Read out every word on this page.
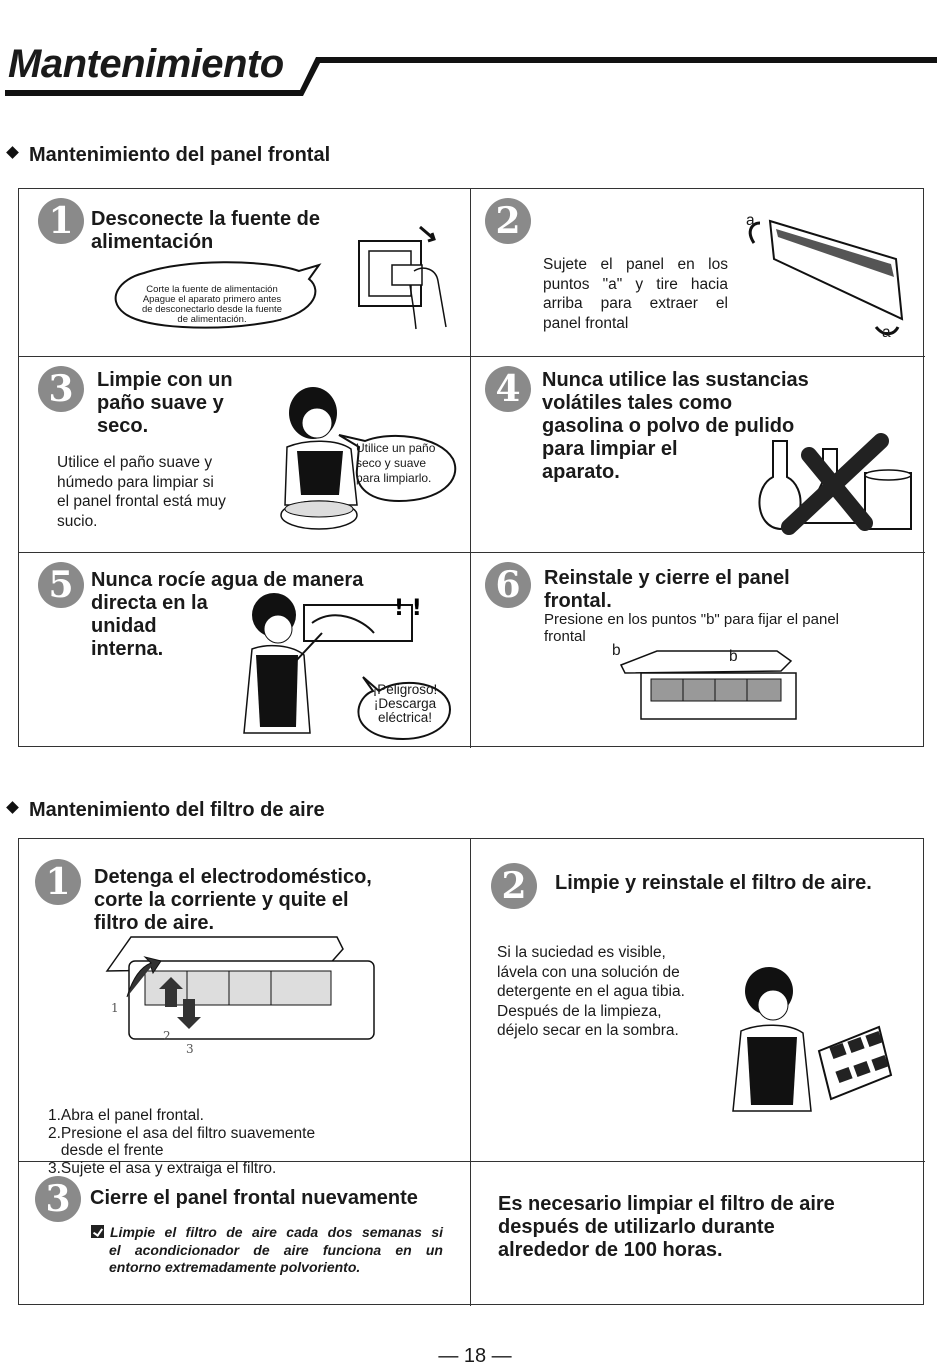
Mantenimiento
Mantenimiento del panel frontal
1 Desconecte la fuente de
alimentación
Corte la fuente de alimentación
Apague el aparato primero antes
de desconectarlo desde la fuente
de alimentación.
2
Sujete el panel en los
puntos "a" y tire hacia
arriba para extraer el
panel frontal
a
a
3	Limpie con un
paño suave y
seco.
Utilice el paño suave y
húmedo para limpiar si
el panel frontal está muy
sucio.
Utilice un paño
seco y suave
para limpiarlo.
4	Nunca utilice las sustancias
volátiles tales como
gasolina o polvo de pulido
para limpiar el
aparato.
5 Nunca rocíe agua de manera
directa en la
unidad
interna.
! !
¡Peligroso!
¡Descarga
eléctrica!
6	Reinstale y cierre el panel
frontal.
Presione en los puntos "b" para fijar el panel
frontal
b	b
Mantenimiento del filtro de aire
1	Detenga el electrodoméstico,
corte la corriente y quite el
filtro de aire.
1
2
3

1.Abra el panel frontal.
2.Presione el asa del filtro suavemente
desde el frente
3.Sujete el asa y extraiga el filtro.

2	Limpie y reinstale el filtro de aire.
Si la suciedad es visible,
lávela con una solución de
detergente en el agua tibia.
Después de la limpieza,
déjelo secar en la sombra.
3 Cierre el panel frontal nuevamente
Limpie el filtro de aire cada dos semanas si
el acondicionador de aire funciona en un
entorno extremadamente polvoriento.
Es necesario limpiar el filtro de aire
después de utilizarlo durante
alrededor de 100 horas.
— 18 —
